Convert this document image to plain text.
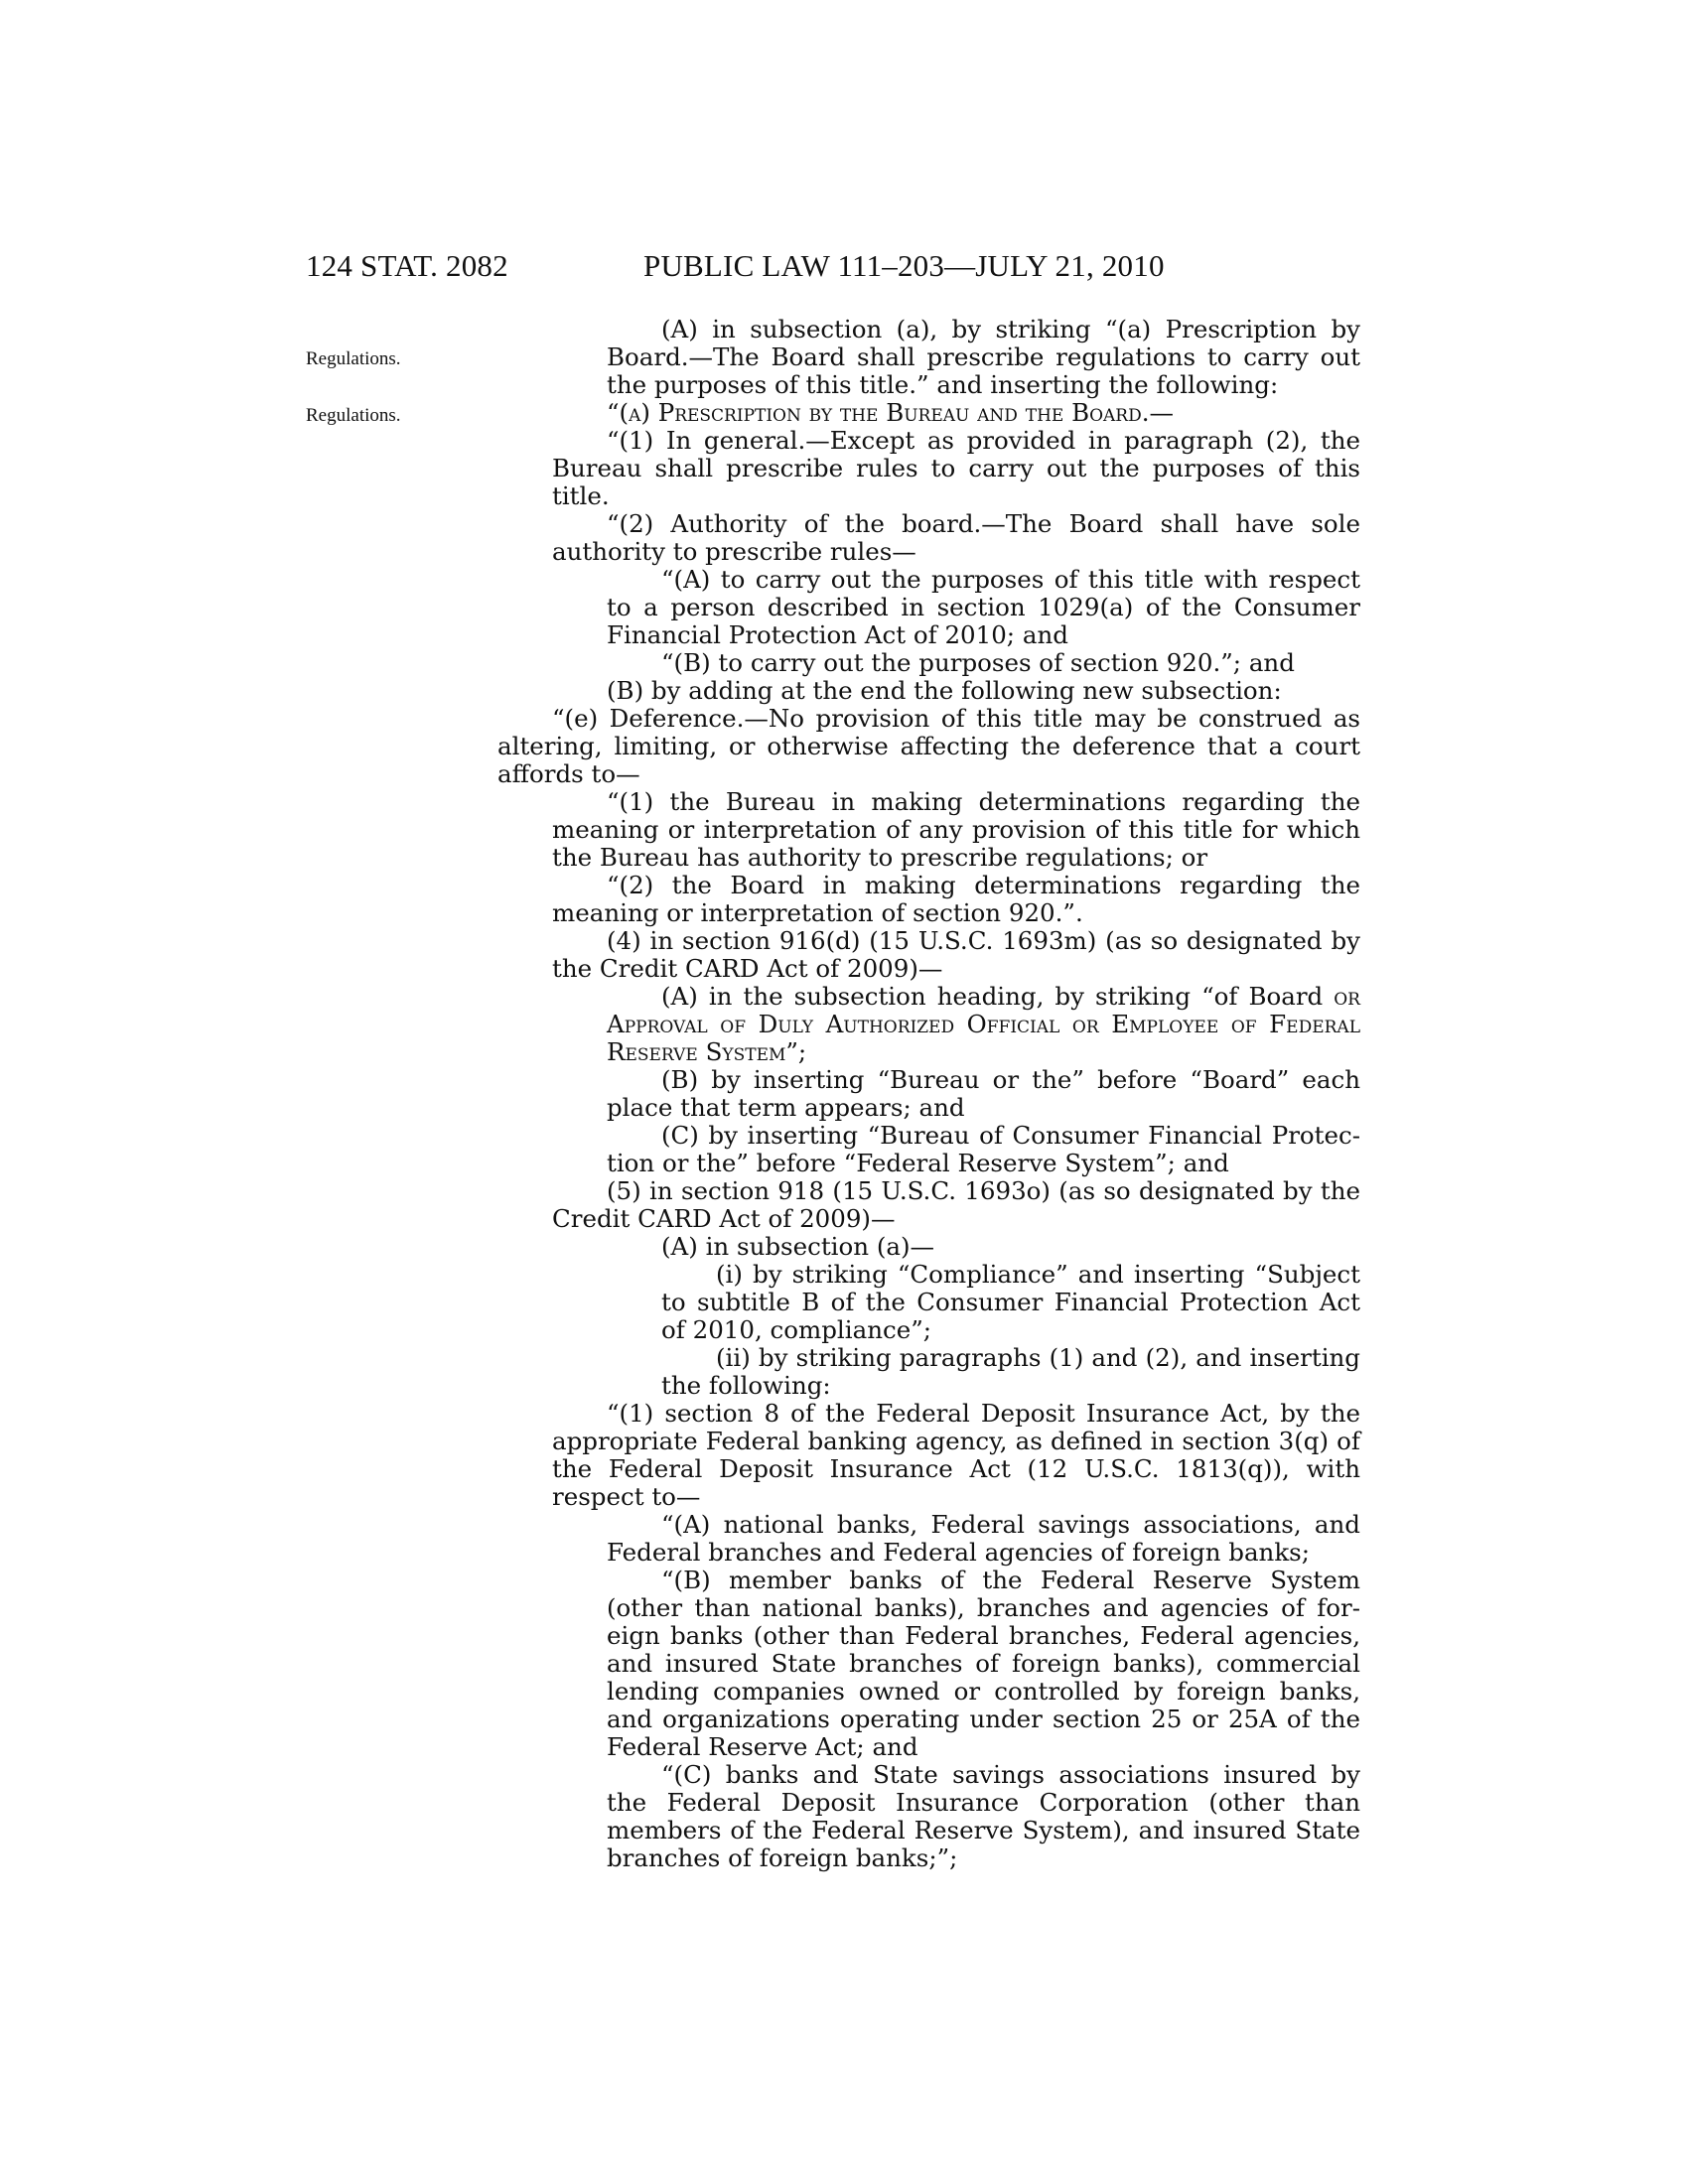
124 STAT. 2082	PUBLIC LAW 111–203—JULY 21, 2010
Regulations.
Regulations.

(A) in subsection (a), by striking “(a) Prescription by Board.—The Board shall prescribe regulations to carry out the purposes of this title.” and inserting the following:

“(a) Prescription by the Bureau and the Board.—

“(1) In general.—Except as provided in paragraph (2), the Bureau shall prescribe rules to carry out the purposes of this title.

“(2) Authority of the board.—The Board shall have sole authority to prescribe rules—

“(A) to carry out the purposes of this title with respect to a person described in section 1029(a) of the Consumer Financial Protection Act of 2010; and

“(B) to carry out the purposes of section 920.”; and

(B) by adding at the end the following new subsection:

“(e) Deference.—No provision of this title may be construed as altering, limiting, or otherwise affecting the deference that a court affords to—

“(1) the Bureau in making determinations regarding the meaning or interpretation of any provision of this title for which the Bureau has authority to prescribe regulations; or

“(2) the Board in making determinations regarding the meaning or interpretation of section 920.”.

(4) in section 916(d) (15 U.S.C. 1693m) (as so designated by the Credit CARD Act of 2009)—

(A) in the subsection heading, by striking “of Board or Approval of Duly Authorized Official or Employee of Federal Reserve System”;

(B) by inserting “Bureau or the” before “Board” each place that term appears; and

(C) by inserting “Bureau of Consumer Financial Protec- tion or the” before “Federal Reserve System”; and

(5) in section 918 (15 U.S.C. 1693o) (as so designated by the Credit CARD Act of 2009)—

(A) in subsection (a)—

(i) by striking “Compliance” and inserting “Subject to subtitle B of the Consumer Financial Protection Act of 2010, compliance”;

(ii) by striking paragraphs (1) and (2), and inserting the following:

“(1) section 8 of the Federal Deposit Insurance Act, by the appropriate Federal banking agency, as defined in section 3(q) of the Federal Deposit Insurance Act (12 U.S.C. 1813(q)), with respect to—

“(A) national banks, Federal savings associations, and Federal branches and Federal agencies of foreign banks;

“(B) member banks of the Federal Reserve System (other than national banks), branches and agencies of for- eign banks (other than Federal branches, Federal agencies, and insured State branches of foreign banks), commercial lending companies owned or controlled by foreign banks, and organizations operating under section 25 or 25A of the Federal Reserve Act; and

“(C) banks and State savings associations insured by the Federal Deposit Insurance Corporation (other than members of the Federal Reserve System), and insured State branches of foreign banks;”;
